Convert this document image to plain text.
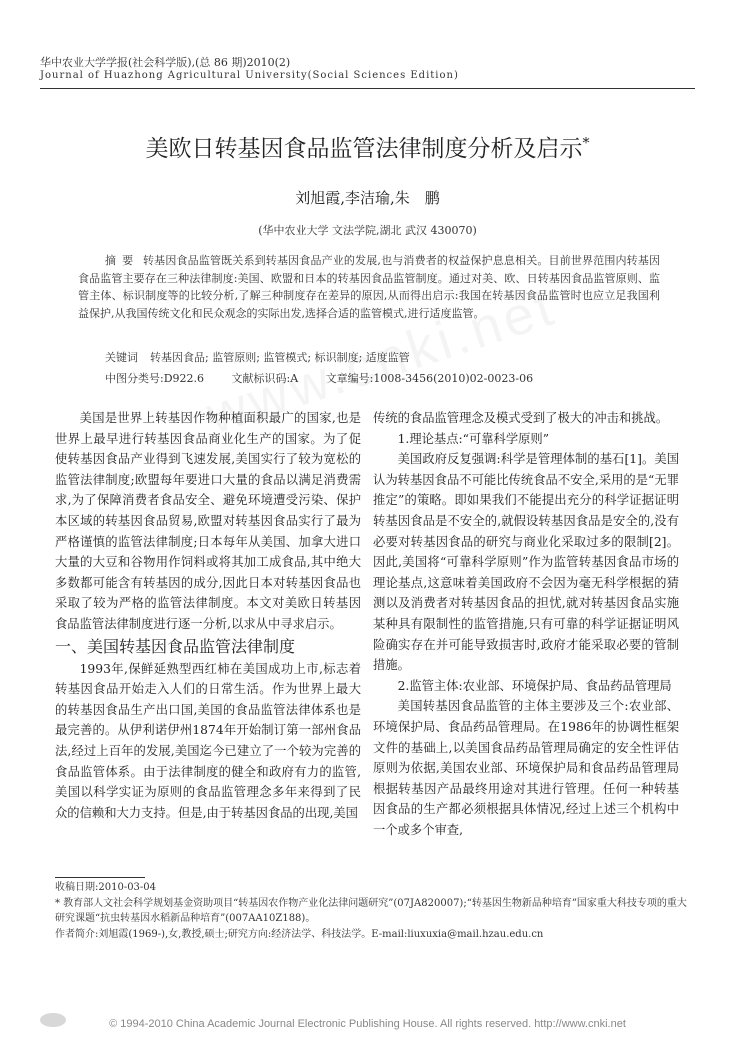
华中农业大学学报(社会科学版),(总 86 期)2010(2)
Journal of Huazhong Agricultural University(Social Sciences Edition)
美欧日转基因食品监管法律制度分析及启示*
刘旭霞,李洁瑜,朱　鹏
(华中农业大学 文法学院,湖北 武汉 430070)
摘要 转基因食品监管既关系到转基因食品产业的发展,也与消费者的权益保护息息相关。目前世界范围内转基因食品监管主要存在三种法律制度:美国、欧盟和日本的转基因食品监管制度。通过对美、欧、日转基因食品监管原则、监管主体、标识制度等的比较分析,了解三种制度存在差异的原因,从而得出启示:我国在转基因食品监管时也应立足我国利益保护,从我国传统文化和民众观念的实际出发,选择合适的监管模式,进行适度监管。
关键词 转基因食品; 监管原则; 监管模式; 标识制度; 适度监管
中图分类号:D922.6	文献标识码:A	文章编号:1008-3456(2010)02-0023-06

美国是世界上转基因作物种植面积最广的国家,也是世界上最早进行转基因食品商业化生产的国家。为了促使转基因食品产业得到飞速发展,美国实行了较为宽松的监管法律制度;欧盟每年要进口大量的食品以满足消费需求,为了保障消费者食品安全、避免环境遭受污染、保护本区域的转基因食品贸易,欧盟对转基因食品实行了最为严格谨慎的监管法律制度;日本每年从美国、加拿大进口大量的大豆和谷物用作饲料或将其加工成食品,其中绝大多数都可能含有转基因的成分,因此日本对转基因食品也采取了较为严格的监管法律制度。本文对美欧日转基因食品监管法律制度进行逐一分析,以求从中寻求启示。

一、美国转基因食品监管法律制度

1993年,保鲜延熟型西红柿在美国成功上市,标志着转基因食品开始走入人们的日常生活。作为世界上最大的转基因食品生产出口国,美国的食品监管法律体系也是最完善的。从伊利诺伊州1874年开始制订第一部州食品法,经过上百年的发展,美国迄今已建立了一个较为完善的食品监管体系。由于法律制度的健全和政府有力的监管,美国以科学实证为原则的食品监管理念多年来得到了民众的信赖和大力支持。但是,由于转基因食品的出现,美国

传统的食品监管理念及模式受到了极大的冲击和挑战。

1.理论基点:“可靠科学原则”

美国政府反复强调:科学是管理体制的基石[1]。美国认为转基因食品不可能比传统食品不安全,采用的是“无罪推定”的策略。即如果我们不能提出充分的科学证据证明转基因食品是不安全的,就假设转基因食品是安全的,没有必要对转基因食品的研究与商业化采取过多的限制[2]。因此,美国将“可靠科学原则”作为监管转基因食品市场的理论基点,这意味着美国政府不会因为毫无科学根据的猜测以及消费者对转基因食品的担忧,就对转基因食品实施某种具有限制性的监管措施,只有可靠的科学证据证明风险确实存在并可能导致损害时,政府才能采取必要的管制措施。

2.监管主体:农业部、环境保护局、食品药品管理局

美国转基因食品监管的主体主要涉及三个:农业部、环境保护局、食品药品管理局。在1986年的协调性框架文件的基础上,以美国食品药品管理局确定的安全性评估原则为依据,美国农业部、环境保护局和食品药品管理局根据转基因产品最终用途对其进行管理。任何一种转基因食品的生产都必须根据具体情况,经过上述三个机构中一个或多个审查,

收稿日期:2010-03-04
* 教育部人文社会科学规划基金资助项目“转基因农作物产业化法律问题研究”(07JA820007);“转基因生物新品种培育”国家重大科技专项的重大研究课题“抗虫转基因水稻新品种培育”(007AA10Z188)。
作者简介:刘旭霞(1969-),女,教授,硕士;研究方向:经济法学、科技法学。E-mail:liuxuxia@mail.hzau.edu.cn
© 1994-2010 China Academic Journal Electronic Publishing House. All rights reserved. http://www.cnki.net
